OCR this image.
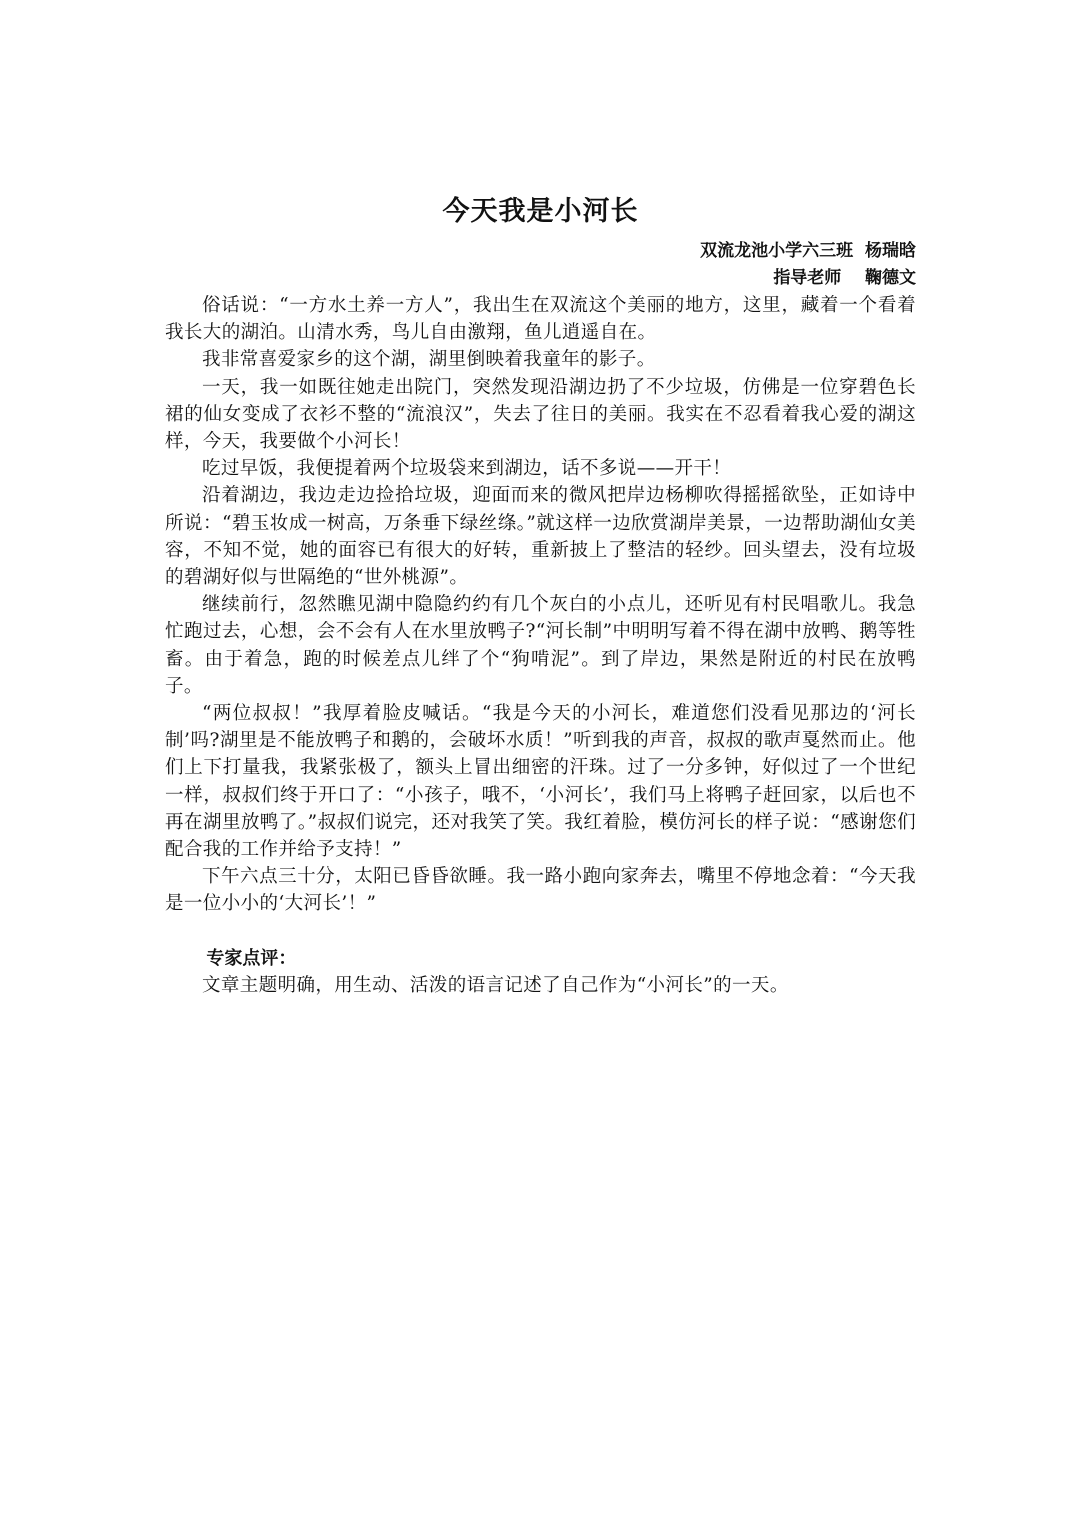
今天我是小河长
双流龙池小学六三班  杨瑞晗
指导老师    鞠德文

俗话说：“一方水土养一方人”，我出生在双流这个美丽的地方，这里，藏着一个看着我长大的湖泊。山清水秀，鸟儿自由激翔，鱼儿逍遥自在。

我非常喜爱家乡的这个湖，湖里倒映着我童年的影子。

一天，我一如既往她走出院门，突然发现沿湖边扔了不少垃圾，仿佛是一位穿碧色长裙的仙女变成了衣衫不整的“流浪汉”，失去了往日的美丽。我实在不忍看着我心爱的湖这样，今天，我要做个小河长！

吃过早饭，我便提着两个垃圾袋来到湖边，话不多说——开干！

沿着湖边，我边走边捡拾垃圾，迎面而来的微风把岸边杨柳吹得摇摇欲坠，正如诗中所说：“碧玉妆成一树高，万条垂下绿丝绦。”就这样一边欣赏湖岸美景，一边帮助湖仙女美容，不知不觉，她的面容已有很大的好转，重新披上了整洁的轻纱。回头望去，没有垃圾的碧湖好似与世隔绝的“世外桃源”。

继续前行，忽然瞧见湖中隐隐约约有几个灰白的小点儿，还听见有村民唱歌儿。我急忙跑过去，心想，会不会有人在水里放鸭子?“河长制”中明明写着不得在湖中放鸭、鹅等牲畜。由于着急，跑的时候差点儿绊了个“狗啃泥”。到了岸边，果然是附近的村民在放鸭子。

“两位叔叔！”我厚着脸皮喊话。“我是今天的小河长，难道您们没看见那边的‘河长制’吗?湖里是不能放鸭子和鹅的，会破坏水质！”听到我的声音，叔叔的歌声戛然而止。他们上下打量我，我紧张极了，额头上冒出细密的汗珠。过了一分多钟，好似过了一个世纪一样，叔叔们终于开口了：“小孩子，哦不，‘小河长’，我们马上将鸭子赶回家，以后也不再在湖里放鸭了。”叔叔们说完，还对我笑了笑。我红着脸，模仿河长的样子说：“感谢您们配合我的工作并给予支持！”

下午六点三十分，太阳已昏昏欲睡。我一路小跑向家奔去，嘴里不停地念着：“今天我是一位小小的‘大河长’！”

专家点评：

文章主题明确，用生动、活泼的语言记述了自己作为“小河长”的一天。
